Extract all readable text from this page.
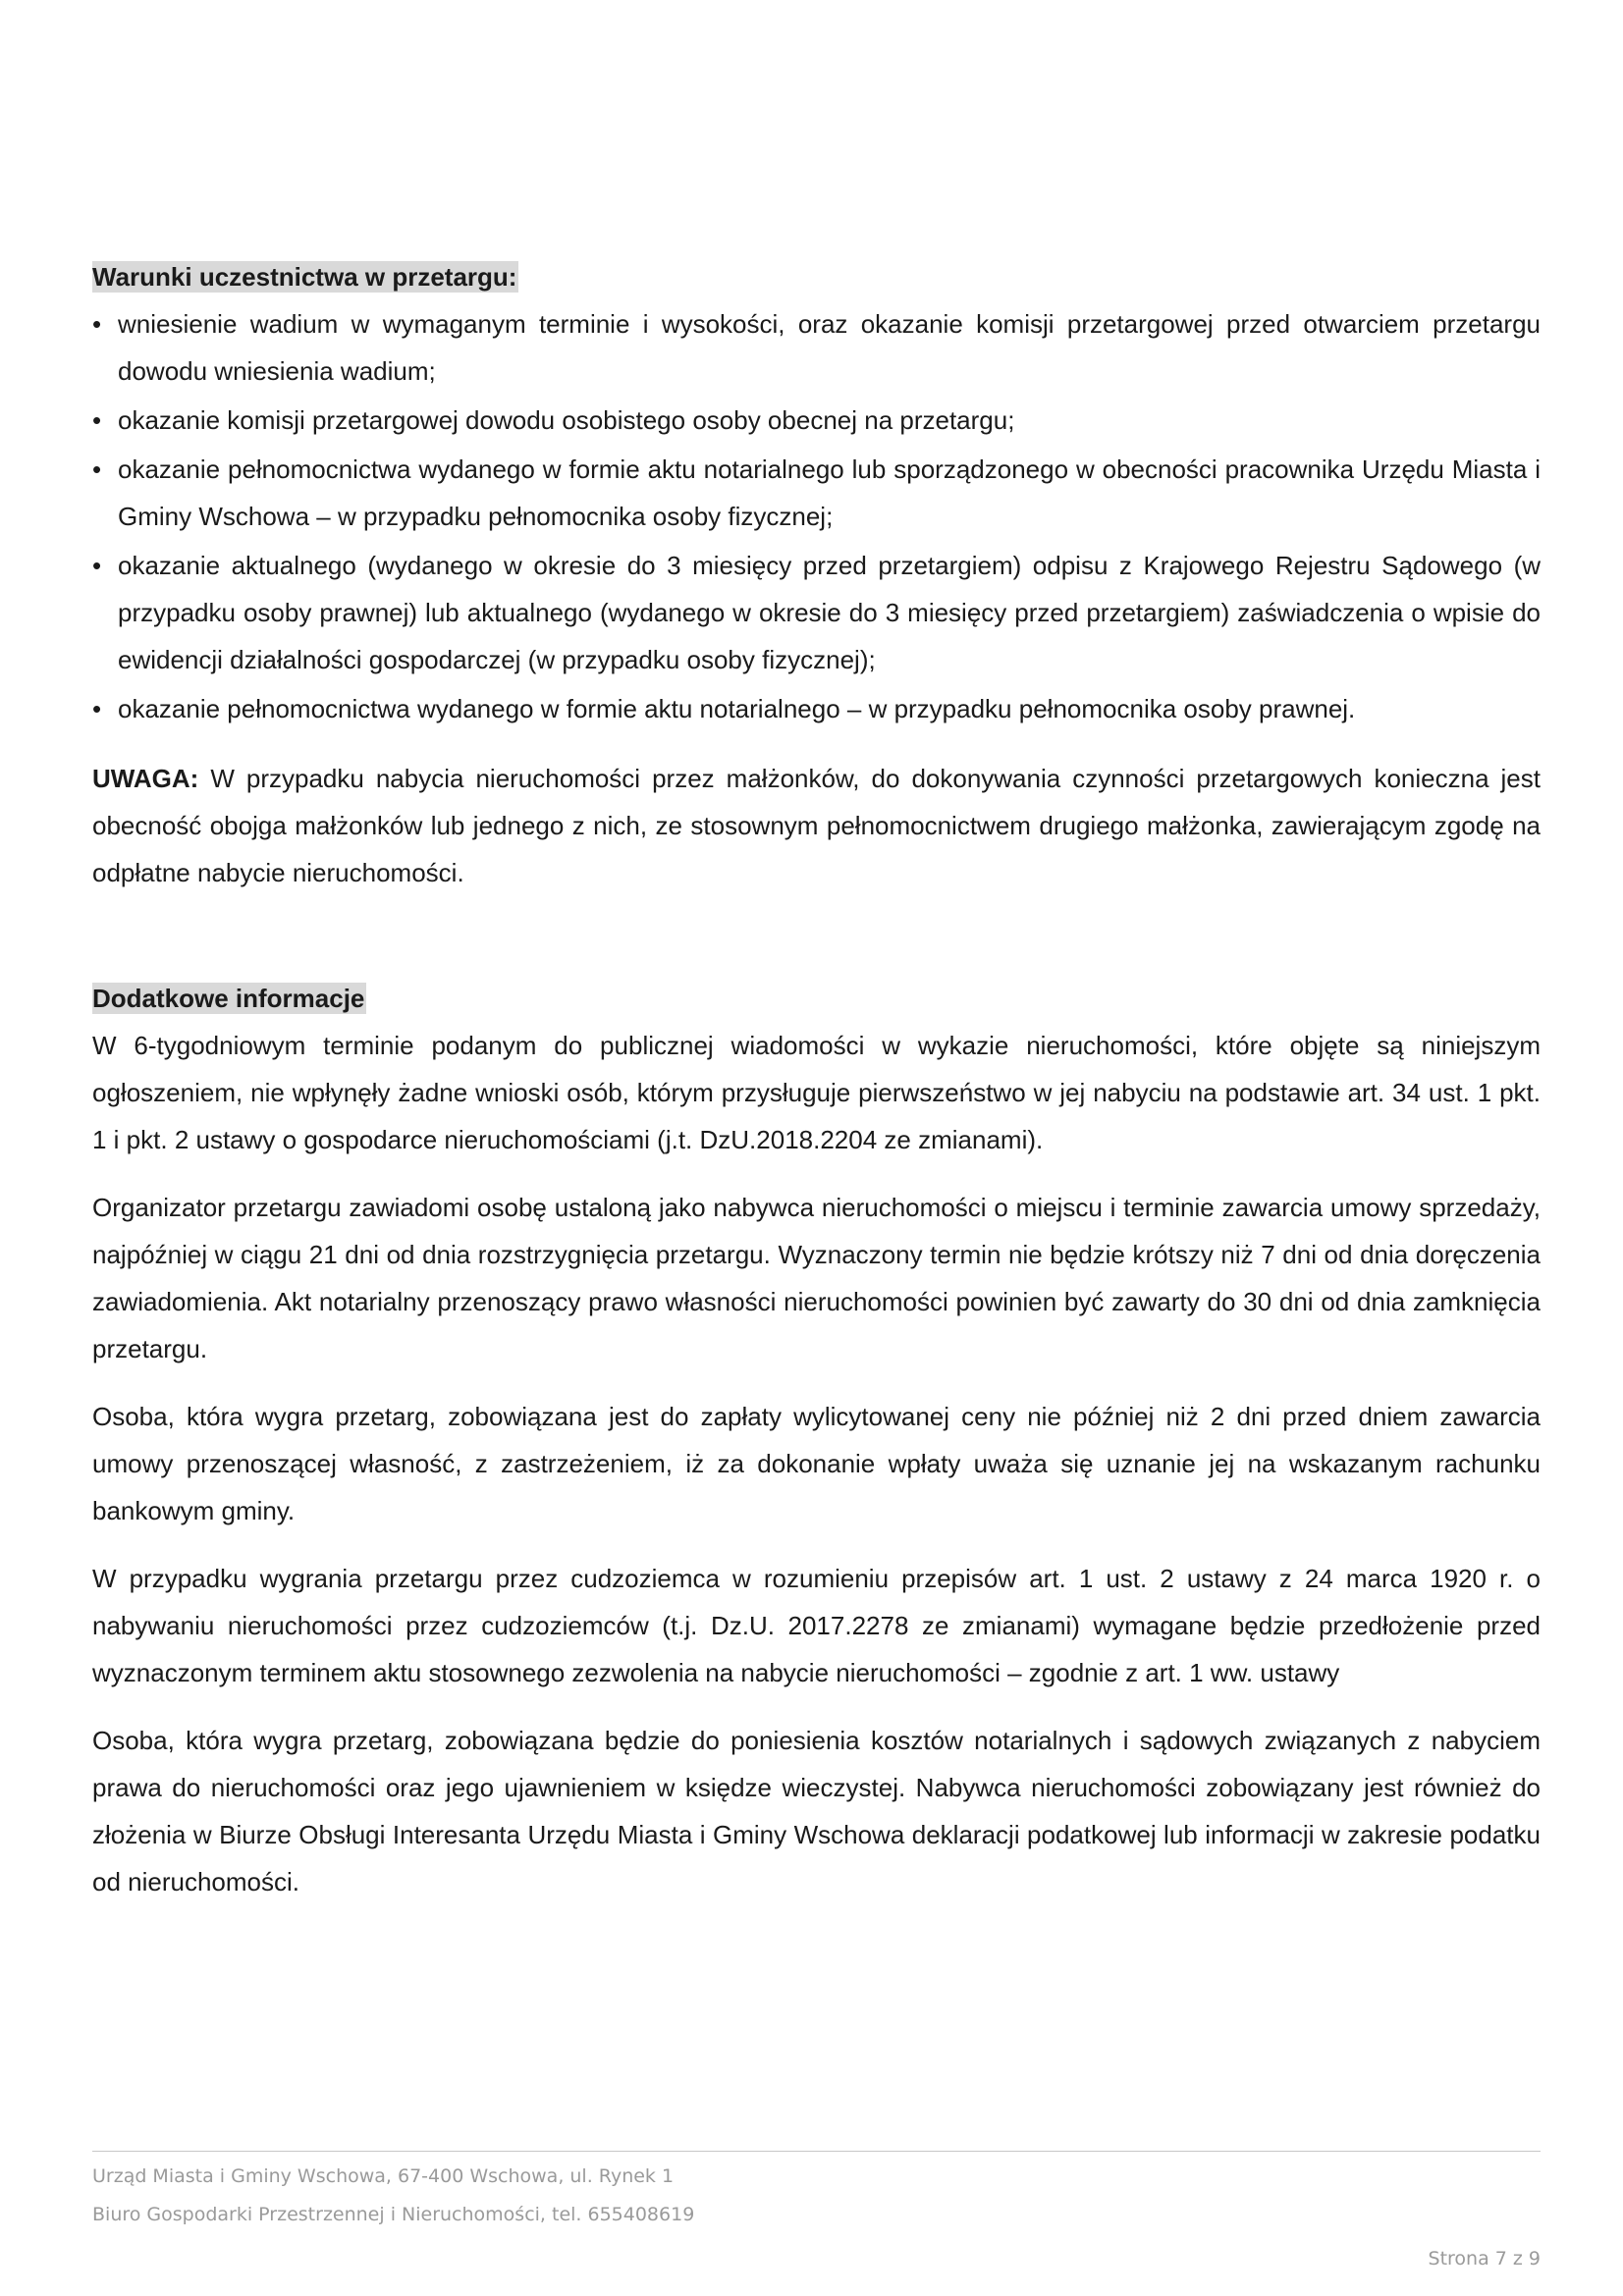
Warunki uczestnictwa w przetargu:
• wniesienie wadium w wymaganym terminie i wysokości, oraz okazanie komisji przetargowej przed otwarciem przetargu dowodu wniesienia wadium;
• okazanie komisji przetargowej dowodu osobistego osoby obecnej na przetargu;
• okazanie pełnomocnictwa wydanego w formie aktu notarialnego lub sporządzonego w obecności pracownika Urzędu Miasta i Gminy Wschowa – w przypadku pełnomocnika osoby fizycznej;
• okazanie aktualnego (wydanego w okresie do 3 miesięcy przed przetargiem) odpisu z Krajowego Rejestru Sądowego (w przypadku osoby prawnej) lub aktualnego (wydanego w okresie do 3 miesięcy przed przetargiem) zaświadczenia o wpisie do ewidencji działalności gospodarczej (w przypadku osoby fizycznej);
• okazanie pełnomocnictwa wydanego w formie aktu notarialnego – w przypadku pełnomocnika osoby prawnej.

UWAGA: W przypadku nabycia nieruchomości przez małżonków, do dokonywania czynności przetargowych konieczna jest obecność obojga małżonków lub jednego z nich, ze stosownym pełnomocnictwem drugiego małżonka, zawierającym zgodę na odpłatne nabycie nieruchomości.

Dodatkowe informacje

W 6-tygodniowym terminie podanym do publicznej wiadomości w wykazie nieruchomości, które objęte są niniejszym ogłoszeniem, nie wpłynęły żadne wnioski osób, którym przysługuje pierwszeństwo w jej nabyciu na podstawie art. 34 ust. 1 pkt. 1 i pkt. 2 ustawy o gospodarce nieruchomościami (j.t. DzU.2018.2204 ze zmianami).

Organizator przetargu zawiadomi osobę ustaloną jako nabywca nieruchomości o miejscu i terminie zawarcia umowy sprzedaży, najpóźniej w ciągu 21 dni od dnia rozstrzygnięcia przetargu. Wyznaczony termin nie będzie krótszy niż 7 dni od dnia doręczenia zawiadomienia. Akt notarialny przenoszący prawo własności nieruchomości powinien być zawarty do 30 dni od dnia zamknięcia przetargu.

Osoba, która wygra przetarg, zobowiązana jest do zapłaty wylicytowanej ceny nie później niż 2 dni przed dniem zawarcia umowy przenoszącej własność, z zastrzeżeniem, iż za dokonanie wpłaty uważa się uznanie jej na wskazanym rachunku bankowym gminy.

W przypadku wygrania przetargu przez cudzoziemca w rozumieniu przepisów art. 1 ust. 2 ustawy z 24 marca 1920 r. o nabywaniu nieruchomości przez cudzoziemców (t.j. Dz.U. 2017.2278 ze zmianami) wymagane będzie przedłożenie przed wyznaczonym terminem aktu stosownego zezwolenia na nabycie nieruchomości – zgodnie z art. 1 ww. ustawy

Osoba, która wygra przetarg, zobowiązana będzie do poniesienia kosztów notarialnych i sądowych związanych z nabyciem prawa do nieruchomości oraz jego ujawnieniem w księdze wieczystej. Nabywca nieruchomości zobowiązany jest również do złożenia w Biurze Obsługi Interesanta Urzędu Miasta i Gminy Wschowa deklaracji podatkowej lub informacji w zakresie podatku od nieruchomości.

Urząd Miasta i Gminy Wschowa, 67-400 Wschowa, ul. Rynek 1
Biuro Gospodarki Przestrzennej i Nieruchomości, tel. 655408619
Strona 7 z 9
